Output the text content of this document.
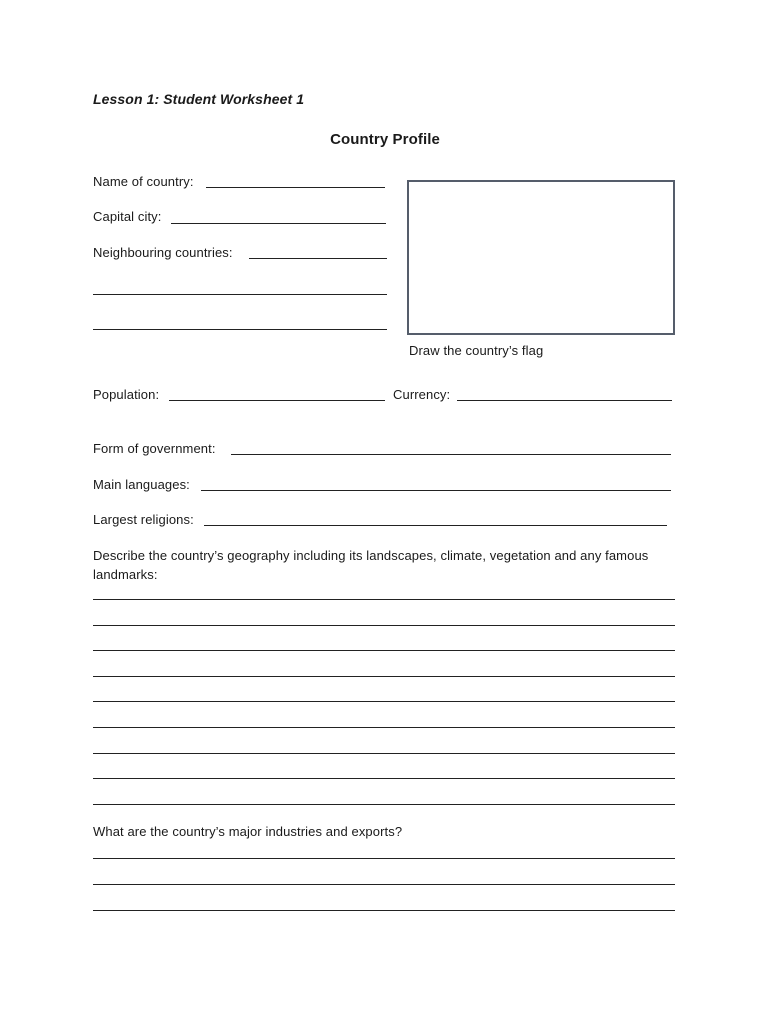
Lesson 1: Student Worksheet 1
Country Profile
Name of country:
Capital city:
Neighbouring countries:
Draw the country’s flag
Population:	Currency:
Form of government:
Main languages:
Largest religions:
Describe the country’s geography including its landscapes, climate, vegetation and any famous landmarks:
What are the country’s major industries and exports?
